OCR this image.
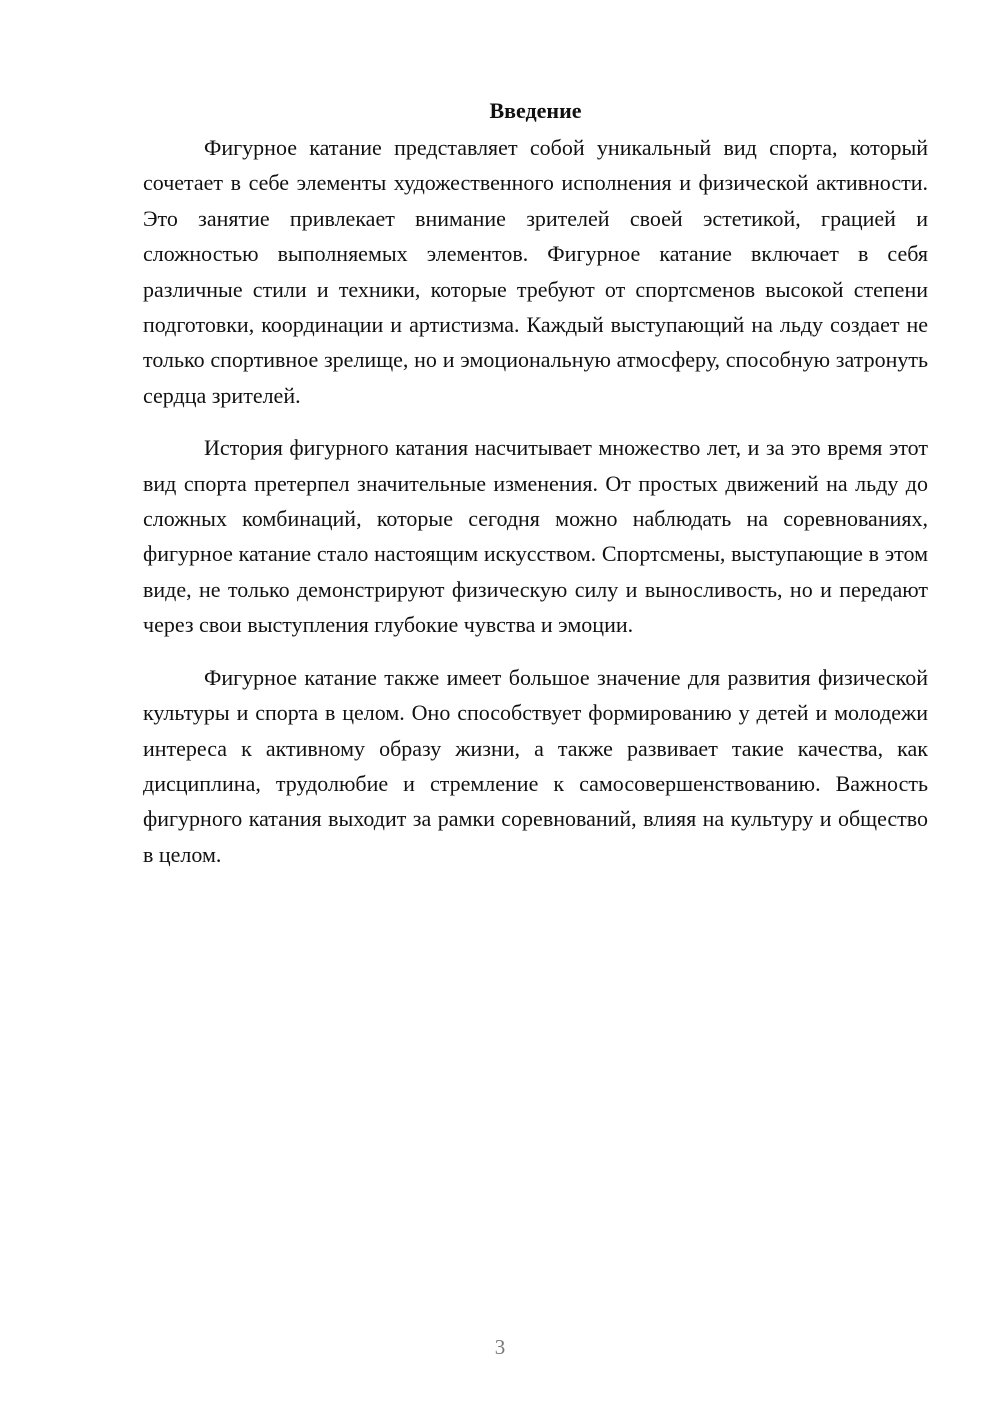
Введение

Фигурное катание представляет собой уникальный вид спорта, который сочетает в себе элементы художественного исполнения и физической активности. Это занятие привлекает внимание зрителей своей эстетикой, грацией и сложностью выполняемых элементов. Фигурное катание включает в себя различные стили и техники, которые требуют от спортсменов высокой степени подготовки, координации и артистизма. Каждый выступающий на льду создает не только спортивное зрелище, но и эмоциональную атмосферу, способную затронуть сердца зрителей.

История фигурного катания насчитывает множество лет, и за это время этот вид спорта претерпел значительные изменения. От простых движений на льду до сложных комбинаций, которые сегодня можно наблюдать на соревнованиях, фигурное катание стало настоящим искусством. Спортсмены, выступающие в этом виде, не только демонстрируют физическую силу и выносливость, но и передают через свои выступления глубокие чувства и эмоции.

Фигурное катание также имеет большое значение для развития физической культуры и спорта в целом. Оно способствует формированию у детей и молодежи интереса к активному образу жизни, а также развивает такие качества, как дисциплина, трудолюбие и стремление к самосовершенствованию. Важность фигурного катания выходит за рамки соревнований, влияя на культуру и общество в целом.

3
